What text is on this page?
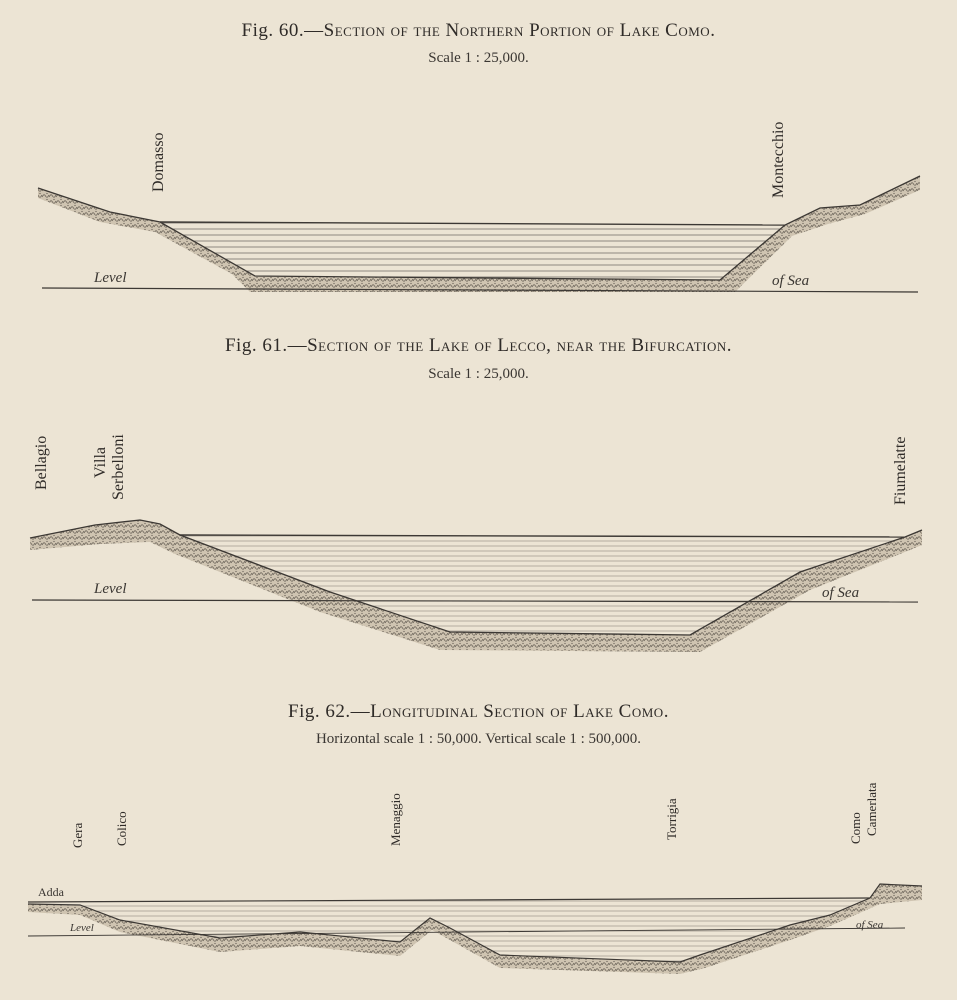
Fig. 60.—Section of the Northern Portion of Lake Como.
Scale 1 : 25,000.
Domasso	Montecchio
Level	of Sea
Fig. 61.—Section of the Lake of Lecco, near the Bifurcation.
Scale 1 : 25,000.
Bellagio	Villa Serbelloni	Fiumelatte
Level	of Sea
Fig. 62.—Longitudinal Section of Lake Como.
Horizontal scale 1 : 50,000. Vertical scale 1 : 500,000.
Gera Colico	Menaggio	Torrigia	Como Camerlata
Adda
Level	of Sea
